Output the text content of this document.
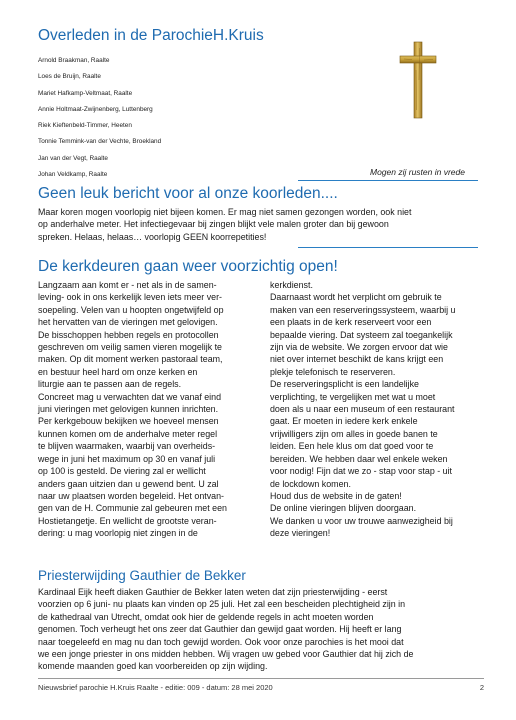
Overleden in de ParochieH.Kruis
Arnold Braakman, Raalte
Loes de Bruijn, Raalte
Mariet Hafkamp-Veltmaat, Raalte
Annie Holtmaat-Zwijnenberg, Luttenberg
Riek Kieftenbeld-Timmer, Heeten
Tonnie Temmink-van der Vechte, Broekland
Jan van der Vegt, Raalte
Johan Veldkamp, Raalte	Mogen zij rusten in vrede
Geen leuk bericht voor al onze koorleden....
Maar koren mogen voorlopig niet bijeen komen. Er mag niet samen gezongen worden, ook niet
op anderhalve meter. Het infectiegevaar bij zingen blijkt vele malen groter dan bij gewoon
spreken. Helaas, helaas… voorlopig GEEN koorrepetities!
De kerkdeuren gaan weer voorzichtig open!
Langzaam aan komt er - net als in de samen-
leving- ook in ons kerkelijk leven iets meer ver-
soepeling. Velen van u hoopten ongetwijfeld op
het hervatten van de vieringen met gelovigen.
De bisschoppen hebben regels en protocollen
geschreven om veilig samen vieren mogelijk te
maken. Op dit moment werken pastoraal team,
en bestuur heel hard om onze kerken en
liturgie aan te passen aan de regels.
Concreet mag u verwachten dat we vanaf eind
juni vieringen met gelovigen kunnen inrichten.
Per kerkgebouw bekijken we hoeveel mensen
kunnen komen om de anderhalve meter regel
te blijven waarmaken, waarbij van overheids-
wege in juni het maximum op 30 en vanaf juli
op 100 is gesteld. De viering zal er wellicht
anders gaan uitzien dan u gewend bent. U zal
naar uw plaatsen worden begeleid. Het ontvan-
gen van de H. Communie zal gebeuren met een
Hostietangetje. En wellicht de grootste veran-
dering: u mag voorlopig niet zingen in de
kerkdienst.
Daarnaast wordt het verplicht om gebruik te
maken van een reserveringssysteem, waarbij u
een plaats in de kerk reserveert voor een
bepaalde viering. Dat systeem zal toegankelijk
zijn via de website. We zorgen ervoor dat wie
niet over internet beschikt de kans krijgt een
plekje telefonisch te reserveren.
De reserveringsplicht is een landelijke
verplichting, te vergelijken met wat u moet
doen als u naar een museum of een restaurant
gaat. Er moeten in iedere kerk enkele
vrijwilligers zijn om alles in goede banen te
leiden. Een hele klus om dat goed voor te
bereiden. We hebben daar wel enkele weken
voor nodig! Fijn dat we zo - stap voor stap - uit
de lockdown komen.
Houd dus de website in de gaten!
De online vieringen blijven doorgaan.
We danken u voor uw trouwe aanwezigheid bij
deze vieringen!
Priesterwijding Gauthier de Bekker
Kardinaal Eijk heeft diaken Gauthier de Bekker laten weten dat zijn priesterwijding - eerst
voorzien op 6 juni- nu plaats kan vinden op 25 juli. Het zal een bescheiden plechtigheid zijn in
de kathedraal van Utrecht, omdat ook hier de geldende regels in acht moeten worden
genomen. Toch verheugt het ons zeer dat Gauthier dan gewijd gaat worden. Hij heeft er lang
naar toegeleefd en mag nu dan toch gewijd worden. Ook voor onze parochies is het mooi dat
we een jonge priester in ons midden hebben. Wij vragen uw gebed voor Gauthier dat hij zich de
komende maanden goed kan voorbereiden op zijn wijding.
Nieuwsbrief parochie H.Kruis Raalte - editie: 009 - datum: 28 mei 2020	2
